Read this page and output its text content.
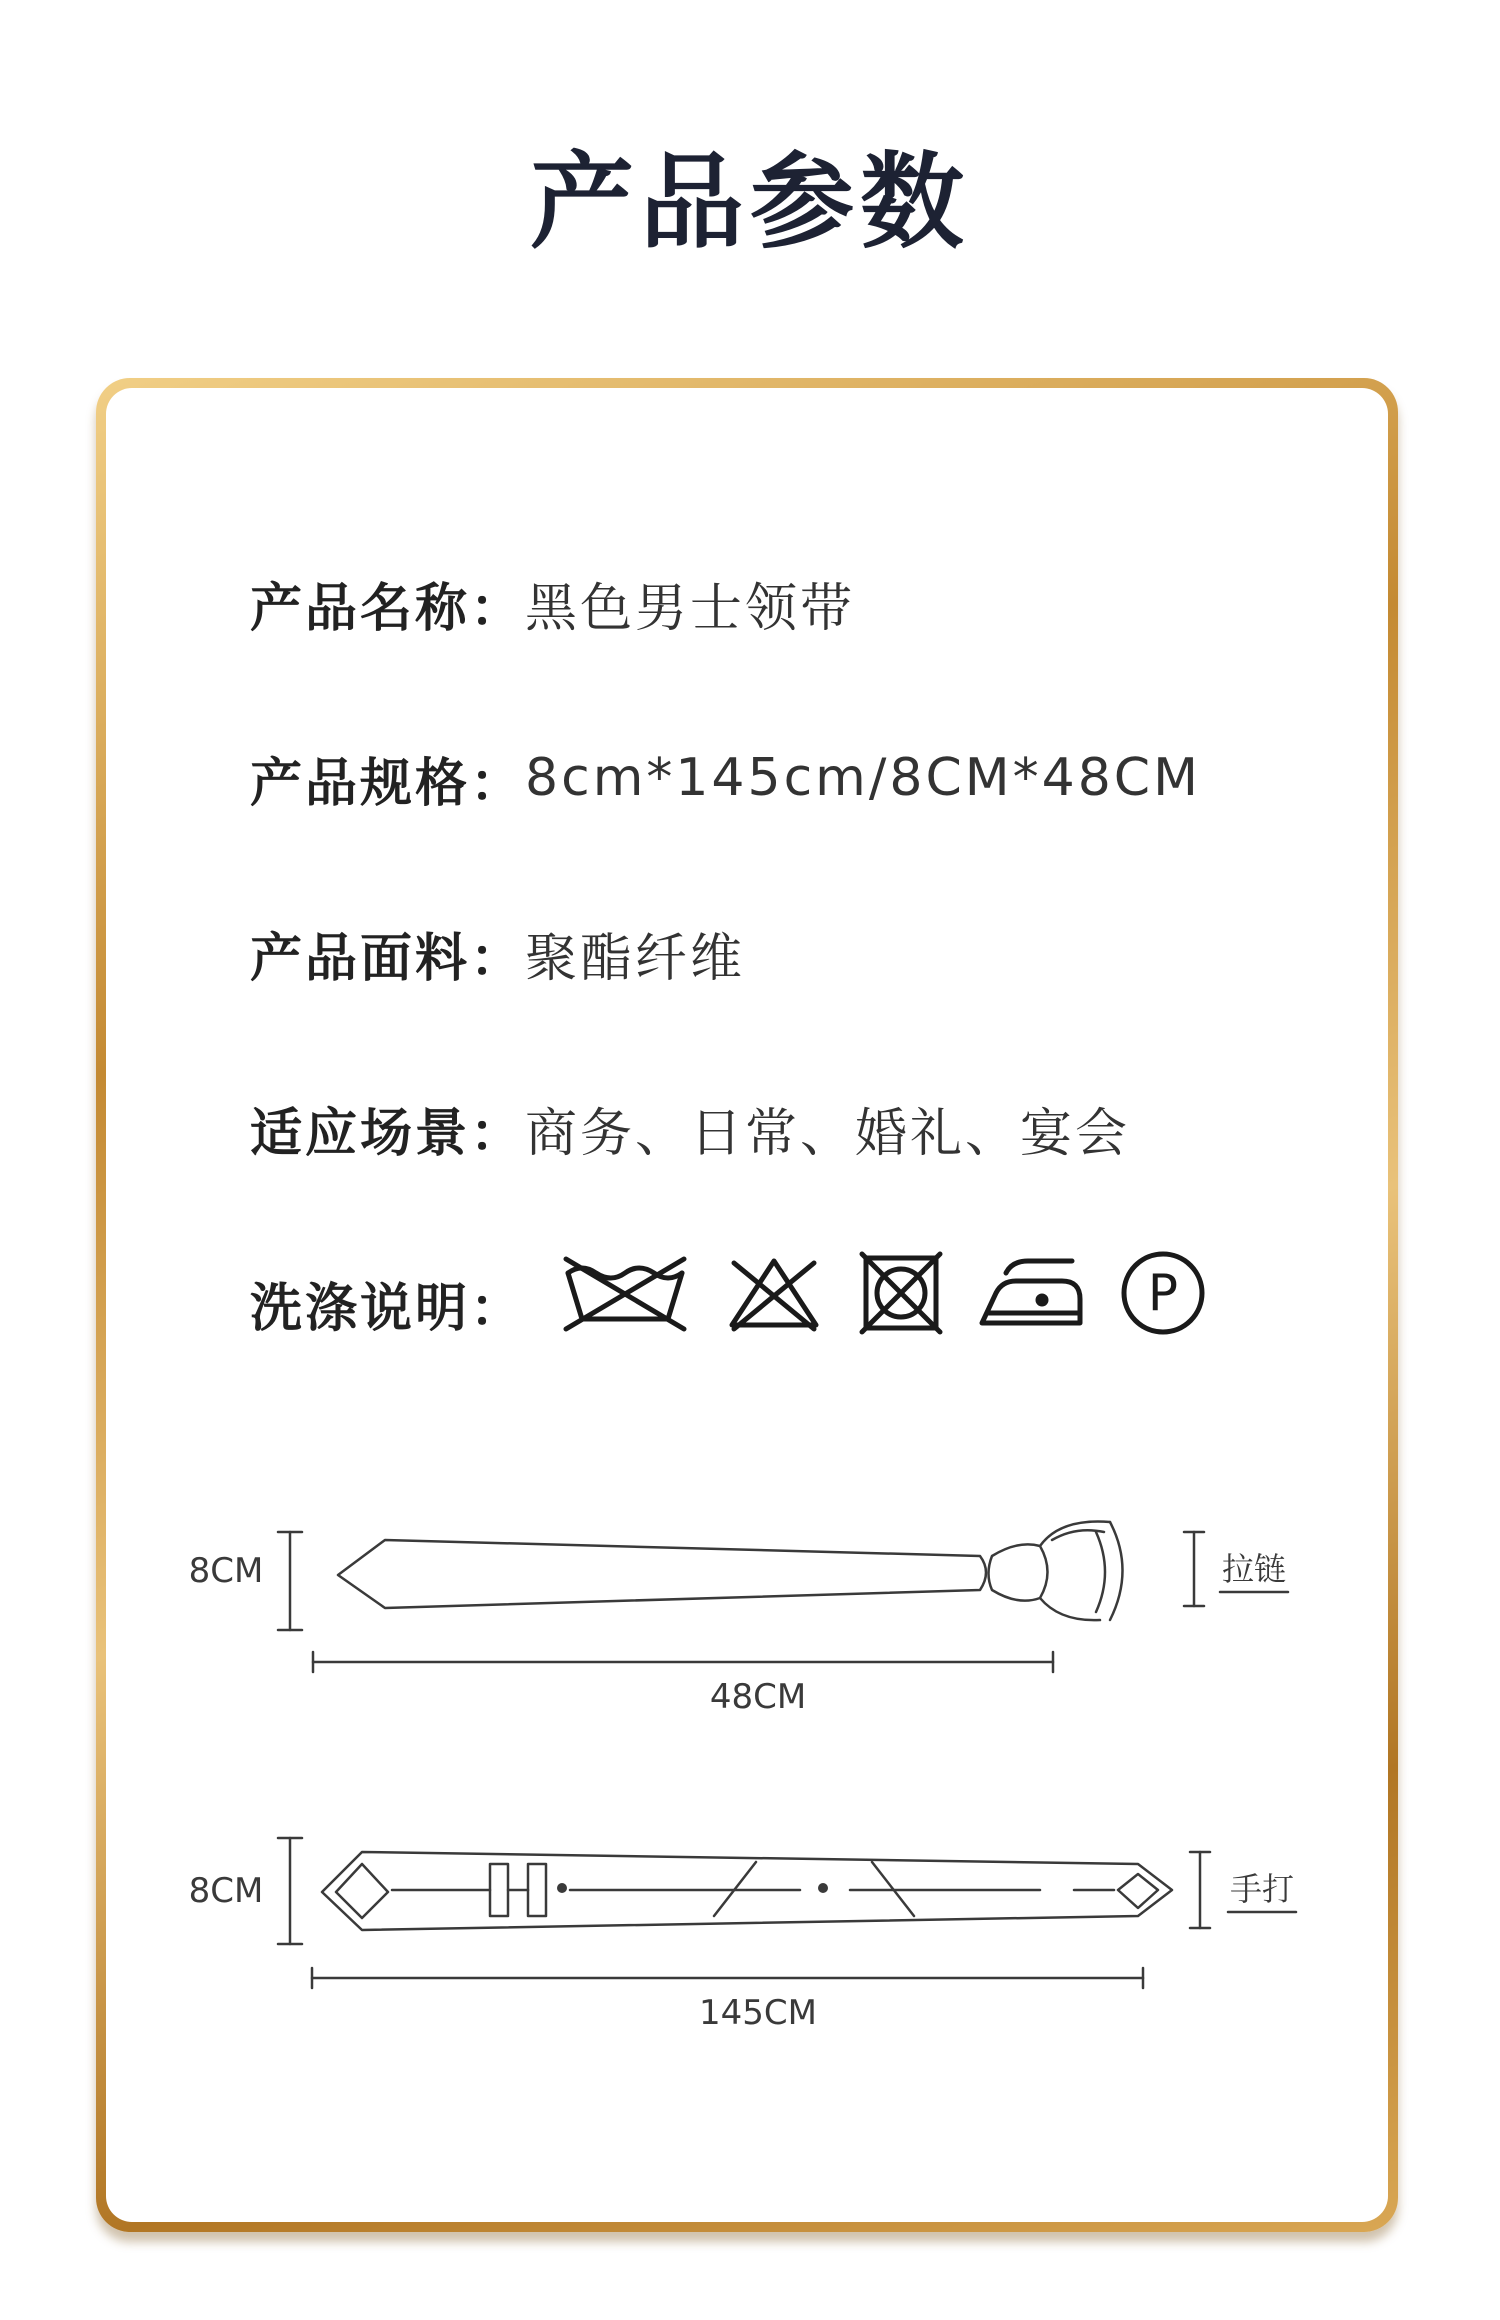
产品参数
产品名称： 黑色男士领带
产品规格： 8cm*145cm/8CM*48CM
产品面料： 聚酯纤维
适应场景： 商务、日常、婚礼、宴会
洗涤说明：	P
8CM
48CM
拉链
8CM
145CM
手打
